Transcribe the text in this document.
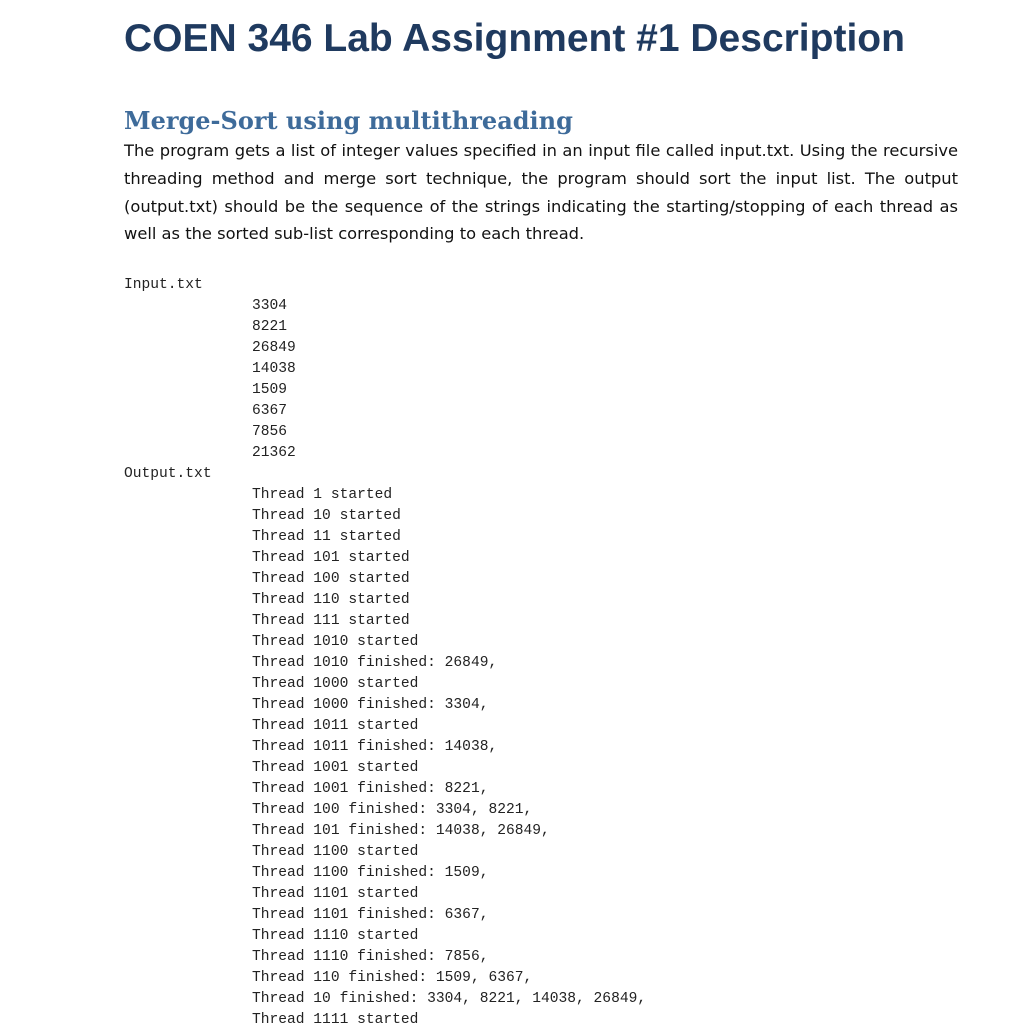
COEN 346 Lab Assignment #1 Description
Merge-Sort using multithreading

The program gets a list of integer values specified in an input file called input.txt. Using the recursive threading method and merge sort technique, the program should sort the input list. The output (output.txt) should be the sequence of the strings indicating the starting/stopping of each thread as well as the sorted sub-list corresponding to each thread.

Input.txt
3304
8221
26849
14038
1509
6367
7856
21362
Output.txt
Thread 1 started
Thread 10 started
Thread 11 started
Thread 101 started
Thread 100 started
Thread 110 started
Thread 111 started
Thread 1010 started
Thread 1010 finished: 26849,
Thread 1000 started
Thread 1000 finished: 3304,
Thread 1011 started
Thread 1011 finished: 14038,
Thread 1001 started
Thread 1001 finished: 8221,
Thread 100 finished: 3304, 8221,
Thread 101 finished: 14038, 26849,
Thread 1100 started
Thread 1100 finished: 1509,
Thread 1101 started
Thread 1101 finished: 6367,
Thread 1110 started
Thread 1110 finished: 7856,
Thread 110 finished: 1509, 6367,
Thread 10 finished: 3304, 8221, 14038, 26849,
Thread 1111 started
